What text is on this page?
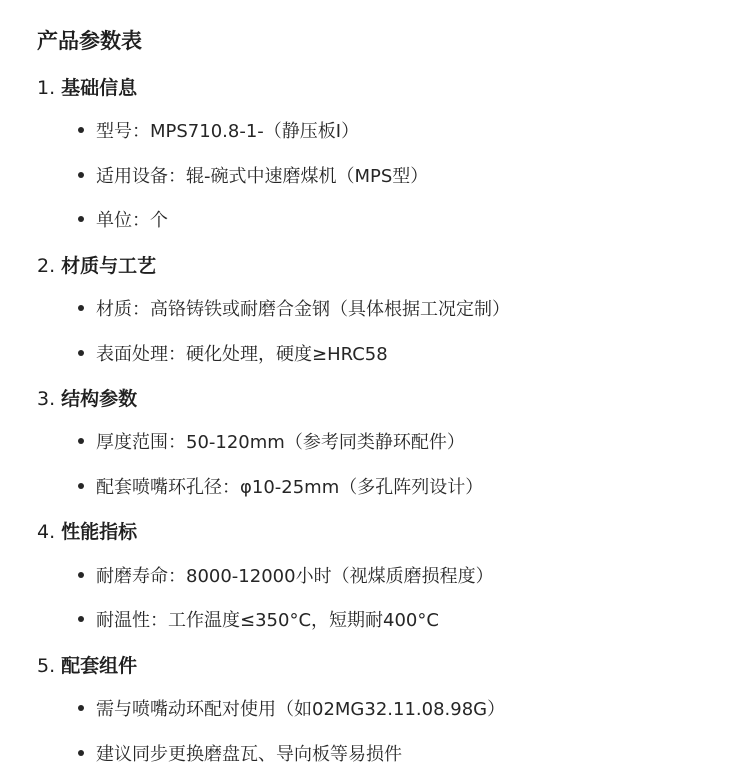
产品参数表
1. 基础信息
型号：MPS710.8-1-（静压板Ⅰ）
适用设备：辊-碗式中速磨煤机（MPS型）
单位：个
2. 材质与工艺
材质：高铬铸铁或耐磨合金钢（具体根据工况定制）
表面处理：硬化处理，硬度≥HRC58
3. 结构参数
厚度范围：50-120mm（参考同类静环配件）
配套喷嘴环孔径：φ10-25mm（多孔阵列设计）
4. 性能指标
耐磨寿命：8000-12000小时（视煤质磨损程度）
耐温性：工作温度≤350°C，短期耐400°C
5. 配套组件
需与喷嘴动环配对使用（如02MG32.11.08.98G）
建议同步更换磨盘瓦、导向板等易损件
